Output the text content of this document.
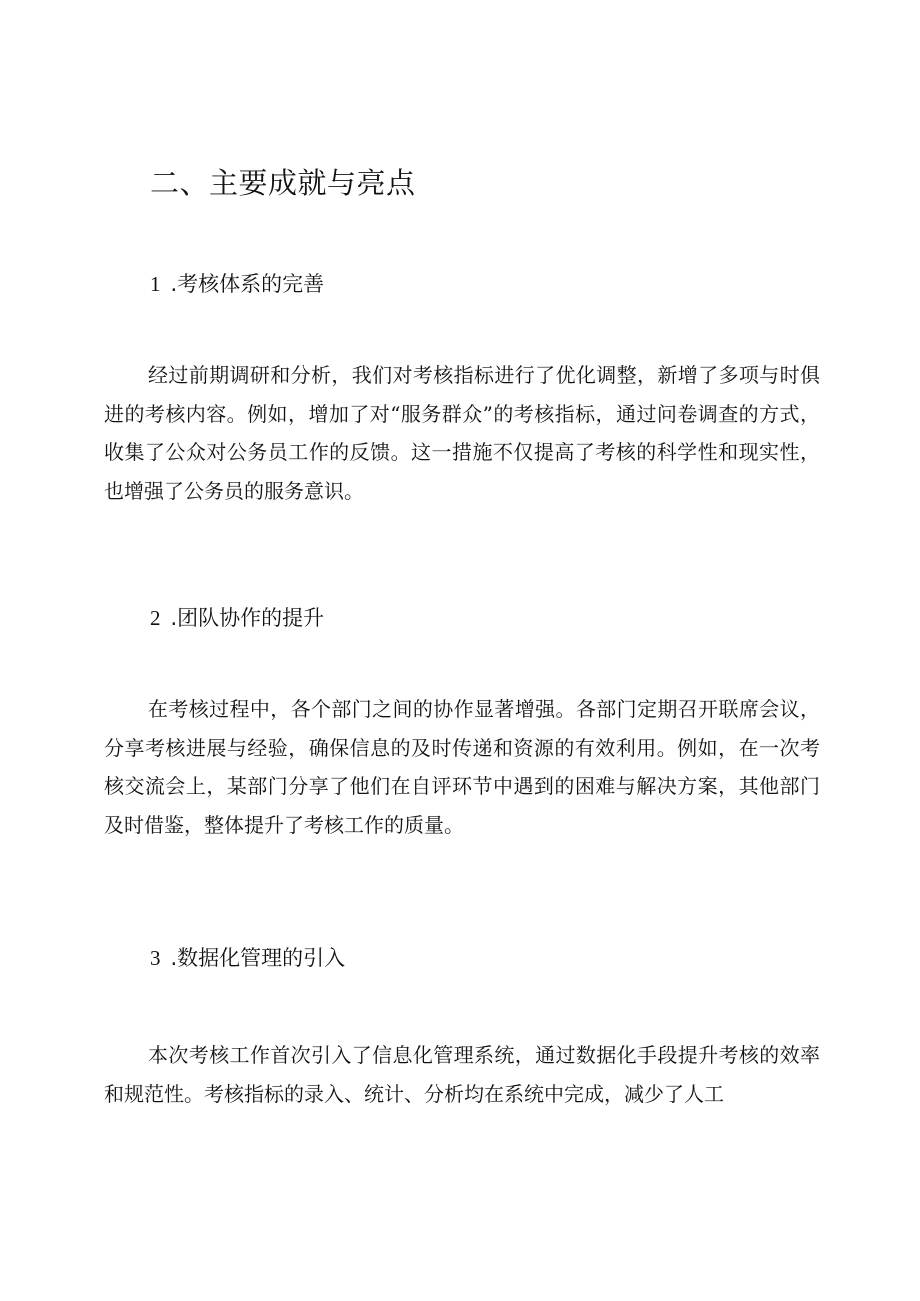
二、主要成就与亮点
1 .考核体系的完善

经过前期调研和分析，我们对考核指标进行了优化调整，新增了多项与时俱进的考核内容。例如，增加了对“服务群众”的考核指标，通过问卷调查的方式，收集了公众对公务员工作的反馈。这一措施不仅提高了考核的科学性和现实性，也增强了公务员的服务意识。

2 .团队协作的提升

在考核过程中，各个部门之间的协作显著增强。各部门定期召开联席会议，分享考核进展与经验，确保信息的及时传递和资源的有效利用。例如，在一次考核交流会上，某部门分享了他们在自评环节中遇到的困难与解决方案，其他部门及时借鉴，整体提升了考核工作的质量。

3 .数据化管理的引入

本次考核工作首次引入了信息化管理系统，通过数据化手段提升考核的效率和规范性。考核指标的录入、统计、分析均在系统中完成，减少了人工
